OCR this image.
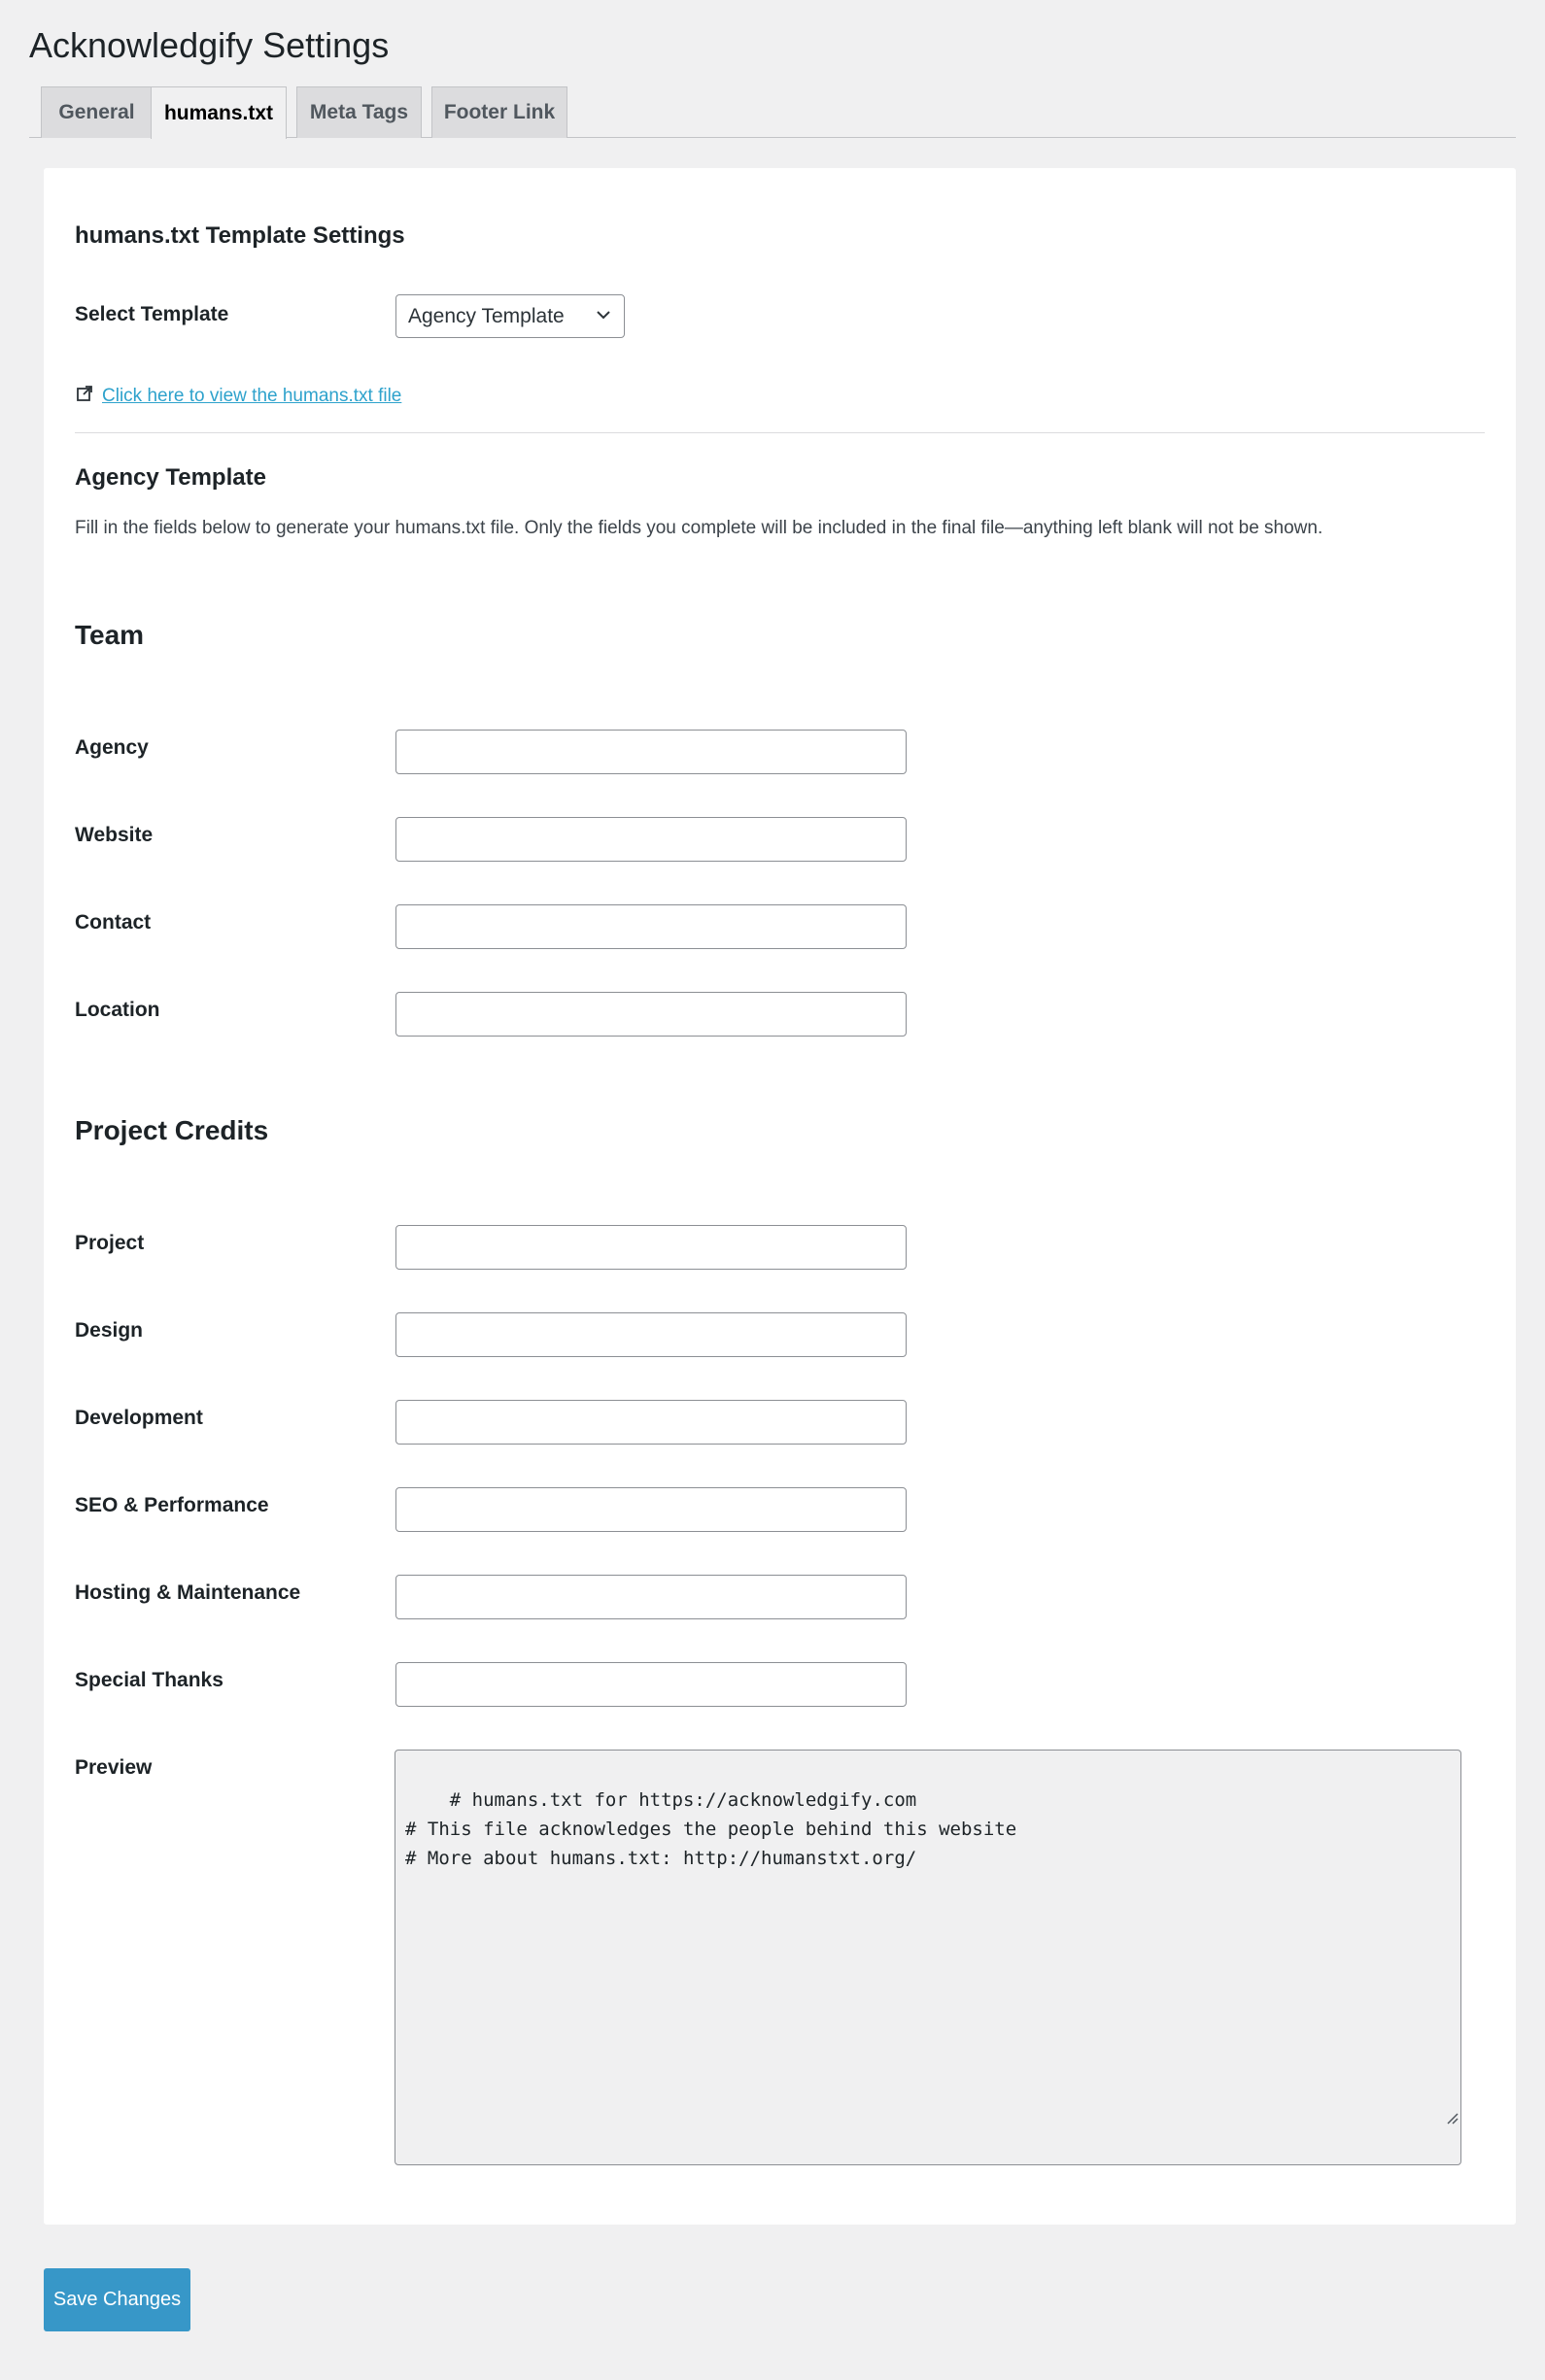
Acknowledgify Settings
General	humans.txt	Meta Tags	Footer Link
humans.txt Template Settings
Select Template	Agency Template
Click here to view the humans.txt file
Agency Template

Fill in the fields below to generate your humans.txt file. Only the fields you complete will be included in the final file—anything left blank will not be shown.

Team
Agency
Website
Contact
Location
Project Credits
Project
Design
Development
SEO & Performance
Hosting & Maintenance
Special Thanks
Preview

# humans.txt for https://acknowledgify.com
# This file acknowledges the people behind this website
# More about humans.txt: http://humanstxt.org/

Save Changes
